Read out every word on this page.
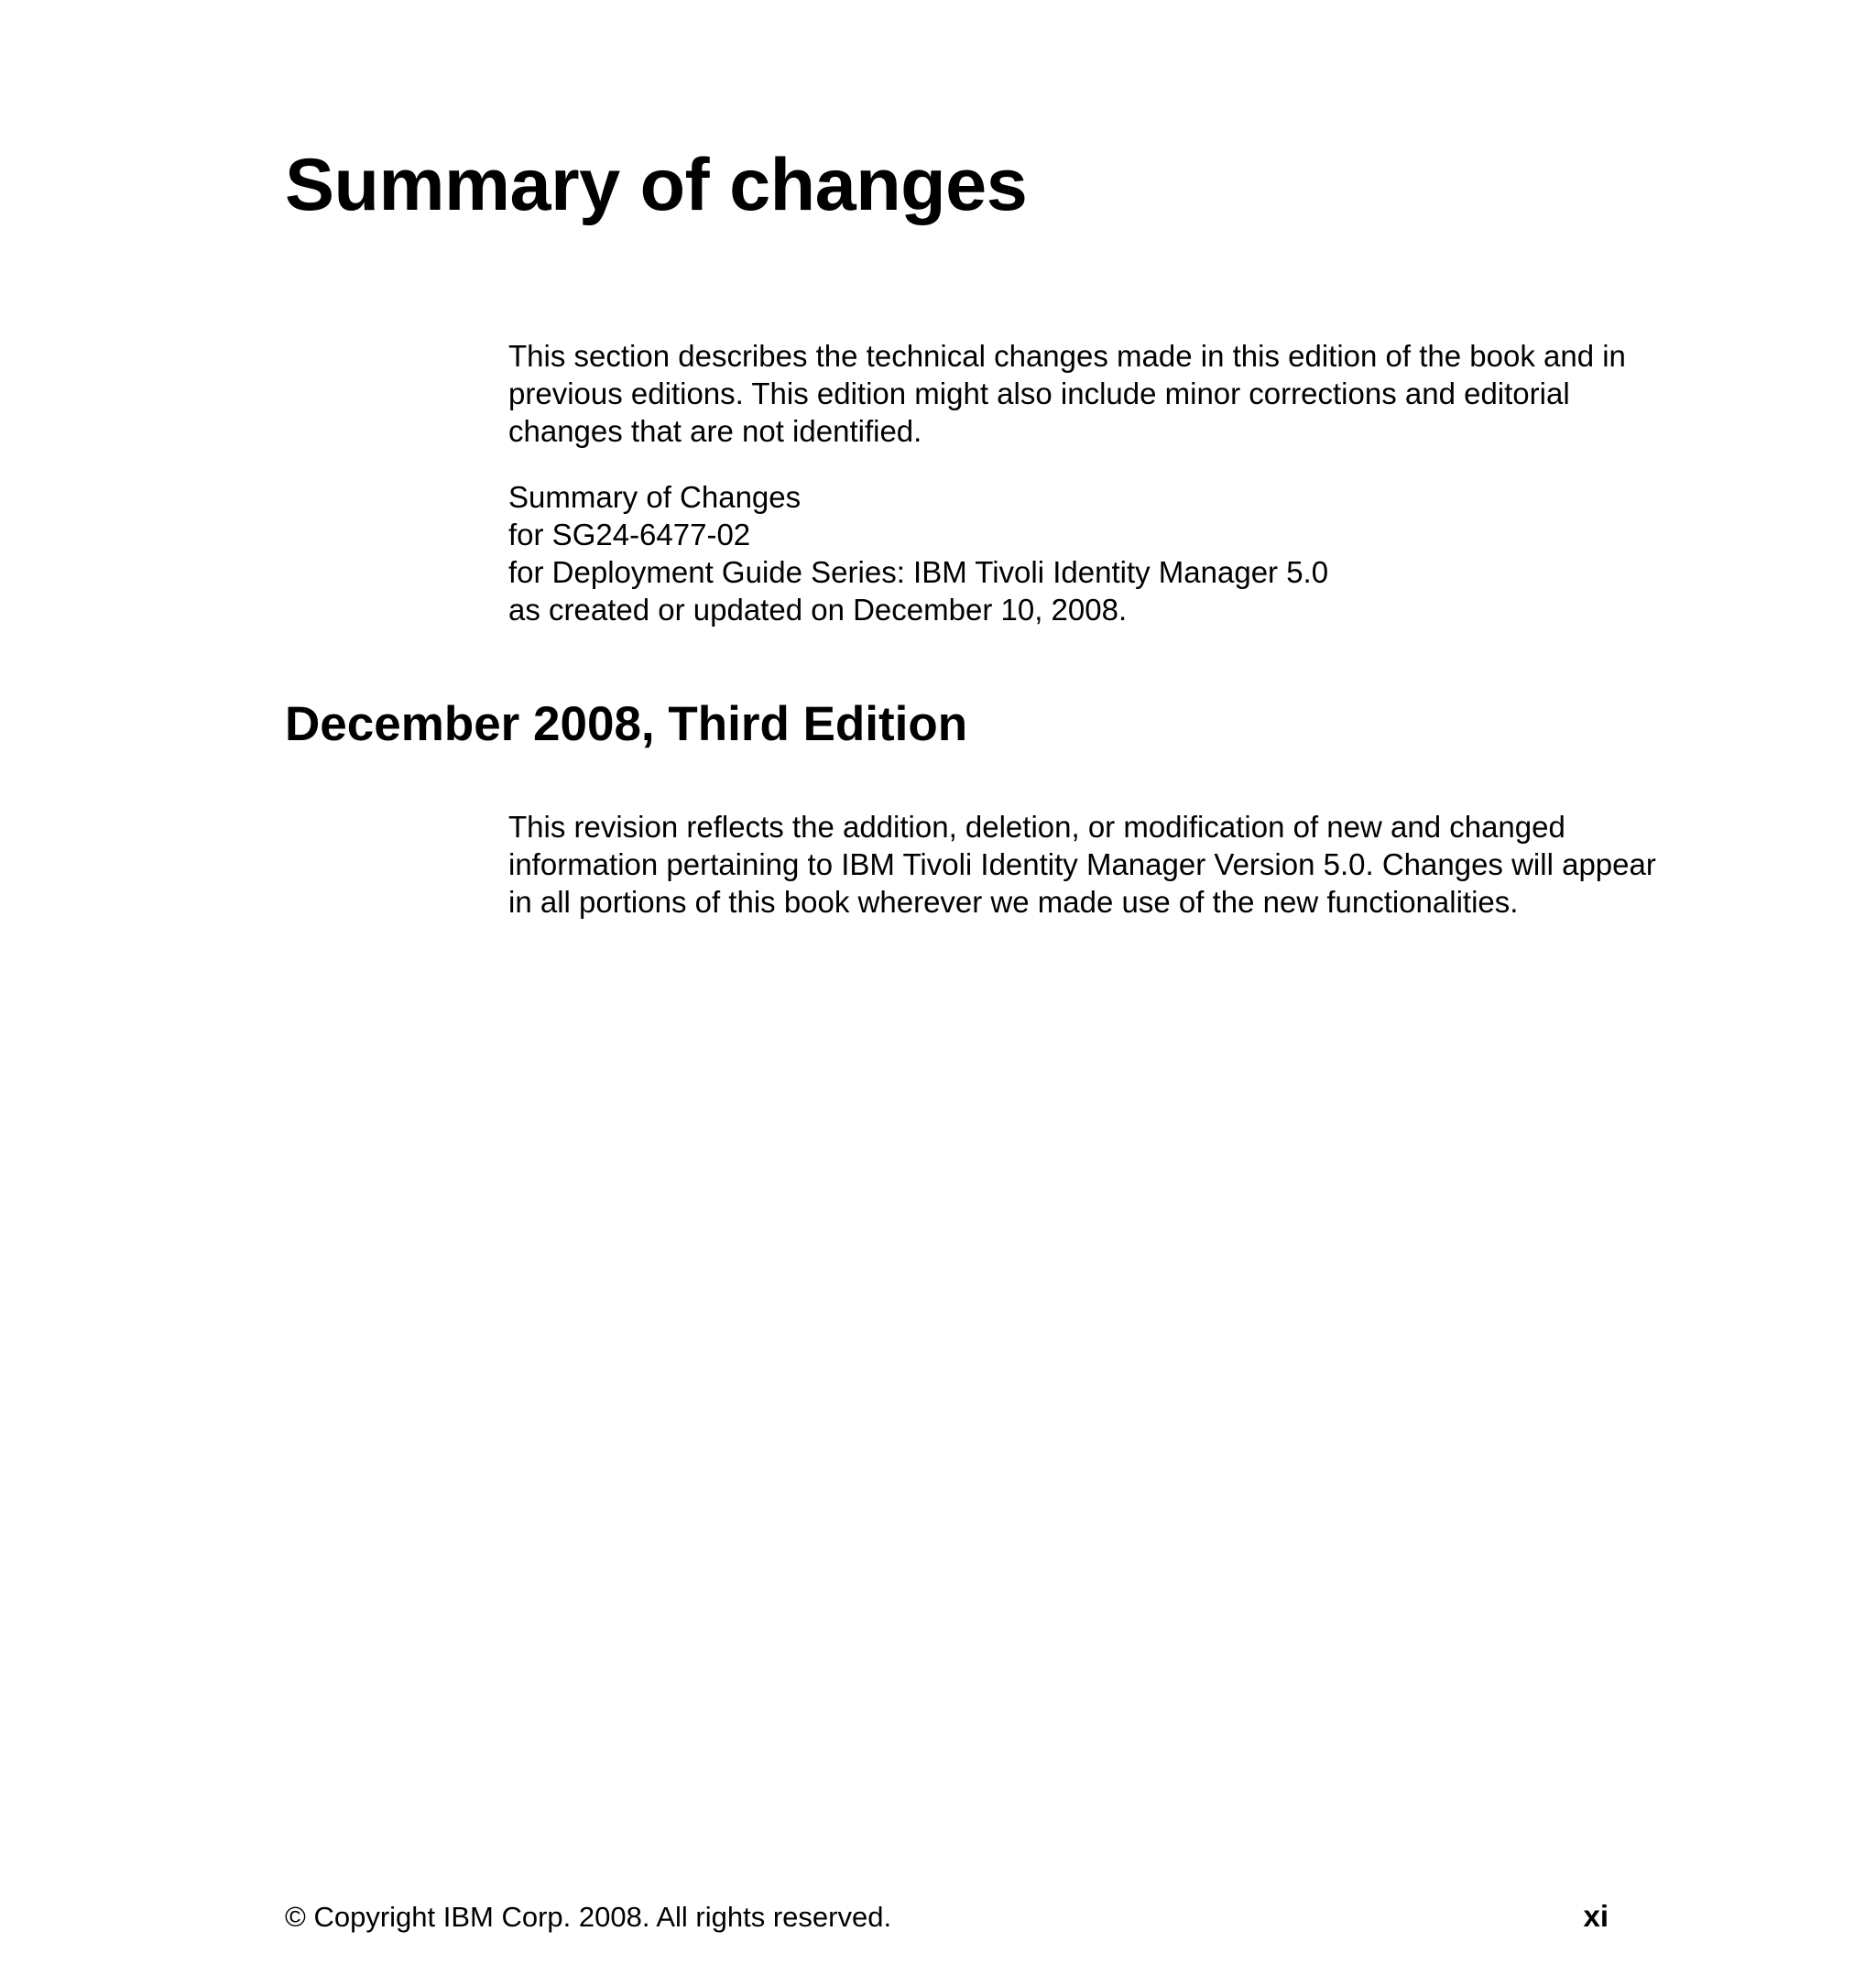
Summary of changes

This section describes the technical changes made in this edition of the book and in previous editions. This edition might also include minor corrections and editorial changes that are not identified.

Summary of Changes
for SG24-6477-02
for Deployment Guide Series: IBM Tivoli Identity Manager 5.0
as created or updated on December 10, 2008.

December 2008, Third Edition

This revision reflects the addition, deletion, or modification of new and changed information pertaining to IBM Tivoli Identity Manager Version 5.0. Changes will appear in all portions of this book wherever we made use of the new functionalities.

© Copyright IBM Corp. 2008. All rights reserved.	xi
